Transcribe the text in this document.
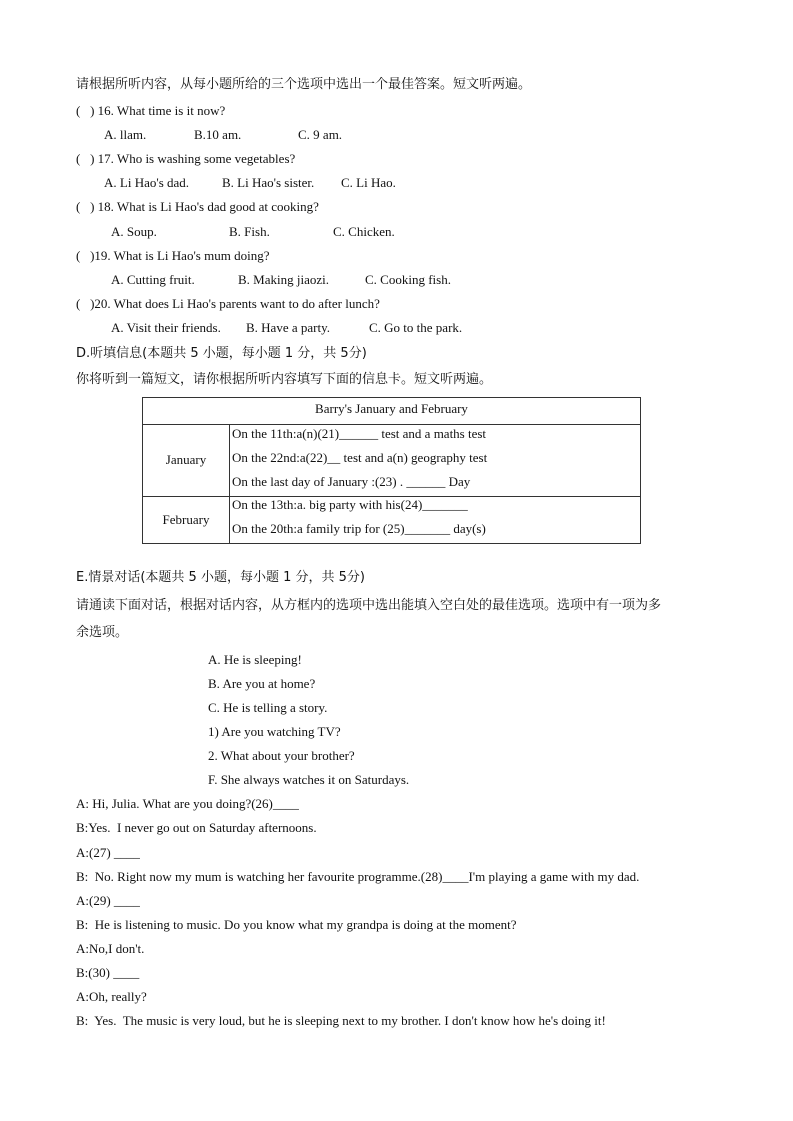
请根据所听内容，从每小题所给的三个选项中选出一个最佳答案。短文听两遍。
(   ) 16. What time is it now?
A. llam.	B.10 am.	C. 9 am.
(   ) 17. Who is washing some vegetables?
A. Li Hao's dad.	B. Li Hao's sister. C. Li Hao.
(   ) 18. What is Li Hao's dad good at cooking?
A. Soup.	B. Fish.	C. Chicken.
(   )19. What is Li Hao's mum doing?
A. Cutting fruit.	B. Making jiaozi.	C. Cooking fish.
(   )20. What does Li Hao's parents want to do after lunch?
A. Visit their friends. B. Have a party.	C. Go to the park.
D.听填信息(本题共 5 小题，每小题 1 分，共 5分)
你将听到一篇短文，请你根据所听内容填写下面的信息卡。短文听两遍。
Barry's January and February
January
On the 11th:a(n)(21)______ test and a maths test
On the 22nd:a(22)__ test and a(n) geography test
On the last day of January :(23) . ______ Day
February
On the 13th:a. big party with his(24)_______
On the 20th:a family trip for (25)_______ day(s)
E.情景对话(本题共 5 小题，每小题 1 分，共 5分)
请通读下面对话，根据对话内容，从方框内的选项中选出能填入空白处的最佳选项。选项中有一项为多
余选项。
A. He is sleeping!
B. Are you at home?
C. He is telling a story.
1) Are you watching TV?
2. What about your brother?
F. She always watches it on Saturdays.
A: Hi, Julia. What are you doing?(26)____
B:Yes.  I never go out on Saturday afternoons.
A:(27) ____
B:  No. Right now my mum is watching her favourite programme.(28)____I'm playing a game with my dad.
A:(29) ____
B:  He is listening to music. Do you know what my grandpa is doing at the moment?
A:No,I don't.
B:(30) ____
A:Oh, really?
B:  Yes.  The music is very loud, but he is sleeping next to my brother. I don't know how he's doing it!
